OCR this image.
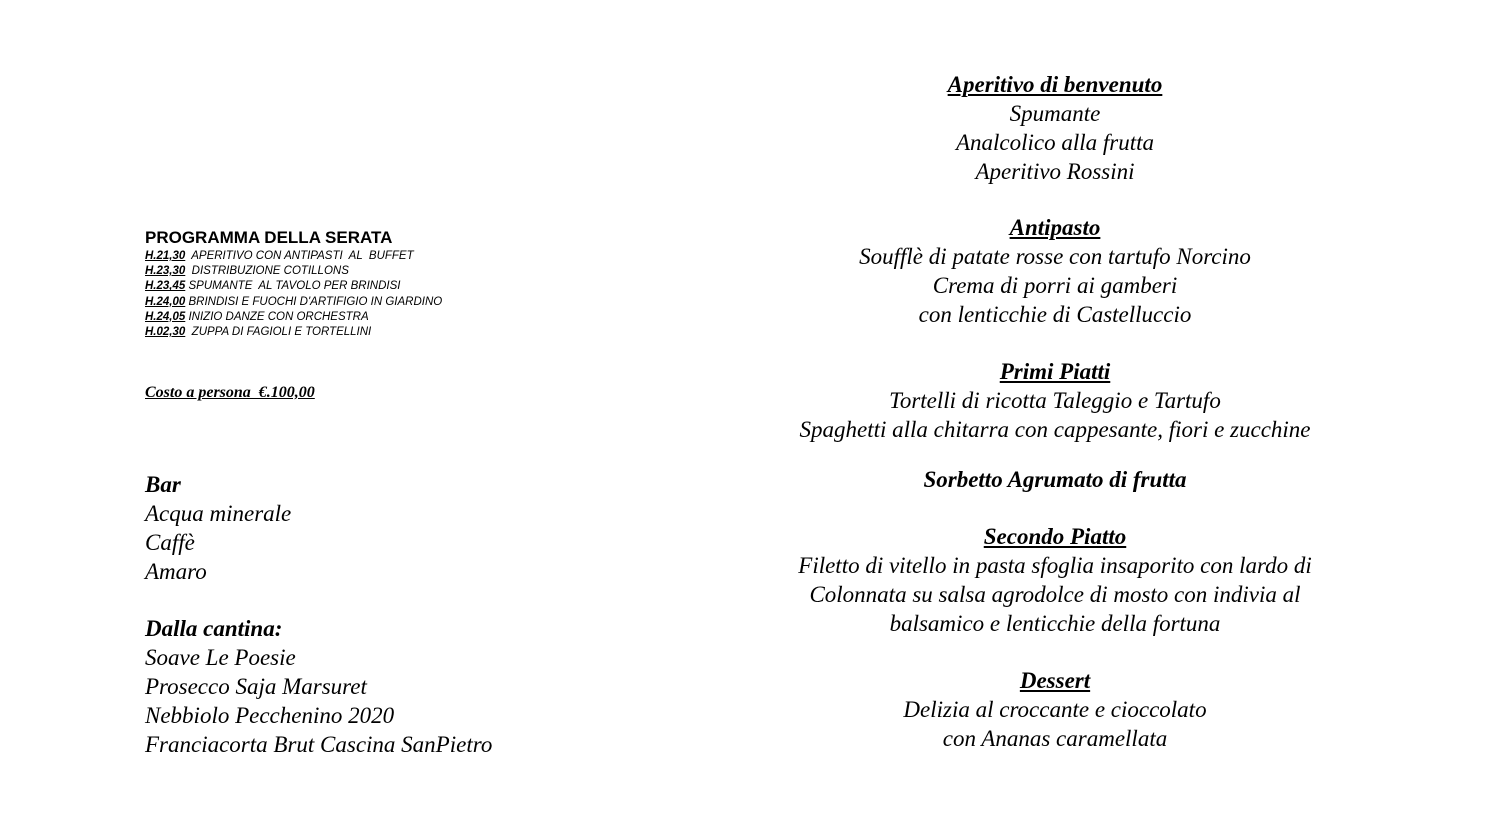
PROGRAMMA DELLA SERATA
H.21,30  APERITIVO CON ANTIPASTI  AL  BUFFET
H.23,30  DISTRIBUZIONE COTILLONS
H.23,45 SPUMANTE  AL TAVOLO PER BRINDISI
H.24,00 BRINDISI E FUOCHI D'ARTIFIGIO IN GIARDINO
H.24,05 INIZIO DANZE CON ORCHESTRA
H.02,30  ZUPPA DI FAGIOLI E TORTELLINI
Costo a persona  €.100,00
Bar
Acqua minerale
Caffè
Amaro
Dalla cantina:
Soave Le Poesie
Prosecco Saja Marsuret
Nebbiolo Pecchenino 2020
Franciacorta Brut Cascina SanPietro
Aperitivo di benvenuto
Spumante
Analcolico alla frutta
Aperitivo Rossini
Antipasto
Soufflè di patate rosse con tartufo Norcino
Crema di porri ai gamberi
con lenticchie di Castelluccio
Primi Piatti
Tortelli di ricotta Taleggio e Tartufo
Spaghetti alla chitarra con cappesante, fiori e zucchine
Sorbetto Agrumato di frutta
Secondo Piatto
Filetto di vitello in pasta sfoglia insaporito con lardo di
Colonnata su salsa agrodolce di mosto con indivia al
balsamico e lenticchie della fortuna
Dessert
Delizia al croccante e cioccolato
con Ananas caramellata
